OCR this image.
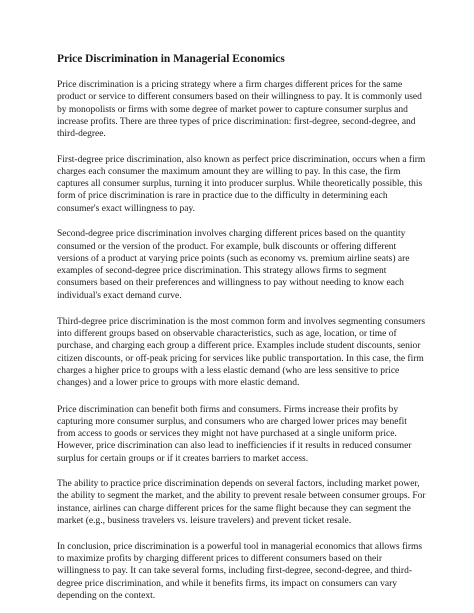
Price Discrimination in Managerial Economics

Price discrimination is a pricing strategy where a firm charges different prices for the same
product or service to different consumers based on their willingness to pay. It is commonly used
by monopolists or firms with some degree of market power to capture consumer surplus and
increase profits. There are three types of price discrimination: first-degree, second-degree, and
third-degree.

First-degree price discrimination, also known as perfect price discrimination, occurs when a firm
charges each consumer the maximum amount they are willing to pay. In this case, the firm
captures all consumer surplus, turning it into producer surplus. While theoretically possible, this
form of price discrimination is rare in practice due to the difficulty in determining each
consumer's exact willingness to pay.

Second-degree price discrimination involves charging different prices based on the quantity
consumed or the version of the product. For example, bulk discounts or offering different
versions of a product at varying price points (such as economy vs. premium airline seats) are
examples of second-degree price discrimination. This strategy allows firms to segment
consumers based on their preferences and willingness to pay without needing to know each
individual's exact demand curve.

Third-degree price discrimination is the most common form and involves segmenting consumers
into different groups based on observable characteristics, such as age, location, or time of
purchase, and charging each group a different price. Examples include student discounts, senior
citizen discounts, or off-peak pricing for services like public transportation. In this case, the firm
charges a higher price to groups with a less elastic demand (who are less sensitive to price
changes) and a lower price to groups with more elastic demand.

Price discrimination can benefit both firms and consumers. Firms increase their profits by
capturing more consumer surplus, and consumers who are charged lower prices may benefit
from access to goods or services they might not have purchased at a single uniform price.
However, price discrimination can also lead to inefficiencies if it results in reduced consumer
surplus for certain groups or if it creates barriers to market access.

The ability to practice price discrimination depends on several factors, including market power,
the ability to segment the market, and the ability to prevent resale between consumer groups. For
instance, airlines can charge different prices for the same flight because they can segment the
market (e.g., business travelers vs. leisure travelers) and prevent ticket resale.

In conclusion, price discrimination is a powerful tool in managerial economics that allows firms
to maximize profits by charging different prices to different consumers based on their
willingness to pay. It can take several forms, including first-degree, second-degree, and third-
degree price discrimination, and while it benefits firms, its impact on consumers can vary
depending on the context.
